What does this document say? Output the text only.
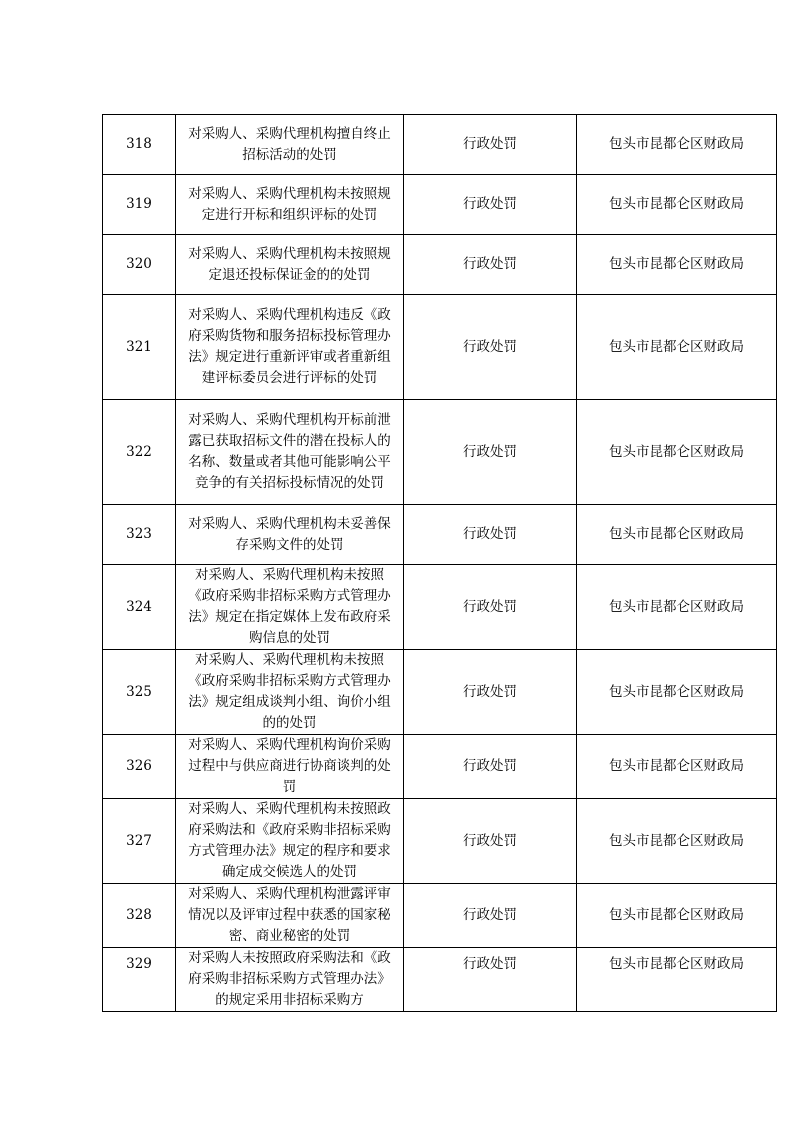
318	对采购人、采购代理机构擅自终止招标活动的处罚	行政处罚	包头市昆都仑区财政局
319	对采购人、采购代理机构未按照规定进行开标和组织评标的处罚	行政处罚	包头市昆都仑区财政局
320	对采购人、采购代理机构未按照规定退还投标保证金的的处罚	行政处罚	包头市昆都仑区财政局
321	对采购人、采购代理机构违反《政府采购货物和服务招标投标管理办法》规定进行重新评审或者重新组建评标委员会进行评标的处罚	行政处罚	包头市昆都仑区财政局
322	对采购人、采购代理机构开标前泄露已获取招标文件的潜在投标人的名称、数量或者其他可能影响公平竞争的有关招标投标情况的处罚	行政处罚	包头市昆都仑区财政局
323	对采购人、采购代理机构未妥善保存采购文件的处罚	行政处罚	包头市昆都仑区财政局
324	对采购人、采购代理机构未按照《政府采购非招标采购方式管理办法》规定在指定媒体上发布政府采购信息的处罚	行政处罚	包头市昆都仑区财政局
325	对采购人、采购代理机构未按照《政府采购非招标采购方式管理办法》规定组成谈判小组、询价小组的的处罚	行政处罚	包头市昆都仑区财政局
326	对采购人、采购代理机构询价采购过程中与供应商进行协商谈判的处罚	行政处罚	包头市昆都仑区财政局
327	对采购人、采购代理机构未按照政府采购法和《政府采购非招标采购方式管理办法》规定的程序和要求确定成交候选人的处罚	行政处罚	包头市昆都仑区财政局
328	对采购人、采购代理机构泄露评审情况以及评审过程中获悉的国家秘密、商业秘密的处罚	行政处罚	包头市昆都仑区财政局
329	对采购人未按照政府采购法和《政府采购非招标采购方式管理办法》的规定采用非招标采购方	行政处罚	包头市昆都仑区财政局
